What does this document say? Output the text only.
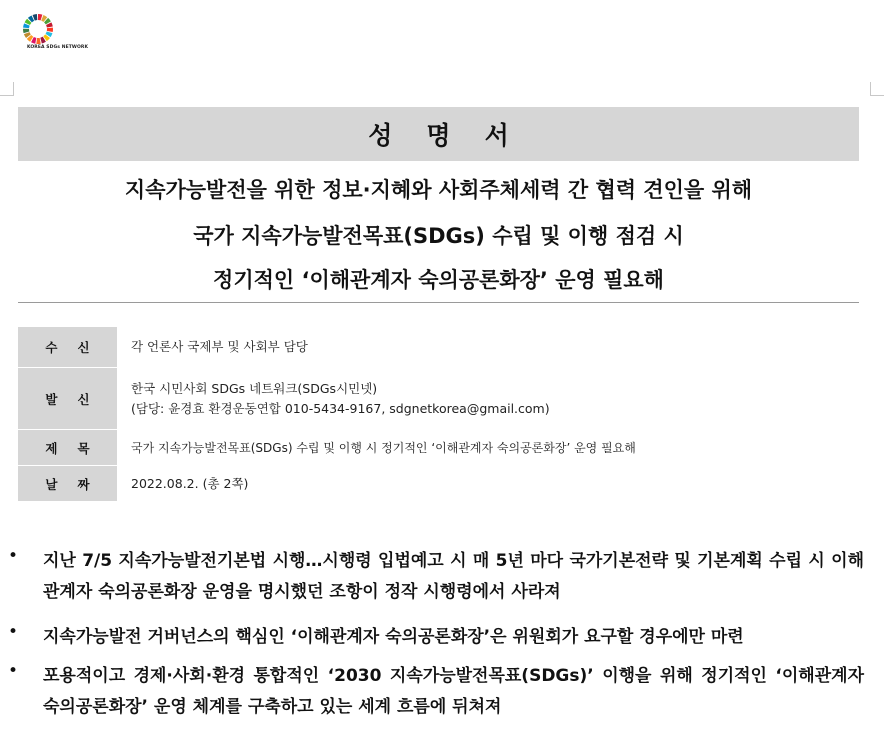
KOREA SDGs NETWORK
성명서
지속가능발전을 위한 정보·지혜와 사회주체세력 간 협력 견인을 위해
국가 지속가능발전목표(SDGs) 수립 및 이행 점검 시
정기적인 ‘이해관계자 숙의공론화장’ 운영 필요해
수신 각 언론사 국제부 및 사회부 담당
발신
한국 시민사회 SDGs 네트워크(SDGs시민넷)
(담당: 윤경효 환경운동연합 010-5434-9167, sdgnetkorea@gmail.com)
제목 국가 지속가능발전목표(SDGs) 수립 및 이행 시 정기적인 ‘이해관계자 숙의공론화장’ 운영 필요해
날짜 2022.08.2. (총 2쪽)
• 지난 7/5 지속가능발전기본법 시행…시행령 입법예고 시 매 5년 마다 국가기본전략 및 기본계획 수립 시 이해관계자 숙의공론화장 운영을 명시했던 조항이 정작 시행령에서 사라져
• 지속가능발전 거버넌스의 핵심인 ‘이해관계자 숙의공론화장’은 위원회가 요구할 경우에만 마련
• 포용적이고 경제·사회·환경 통합적인 ‘2030 지속가능발전목표(SDGs)’ 이행을 위해 정기적인 ‘이해관계자 숙의공론화장’ 운영 체계를 구축하고 있는 세계 흐름에 뒤쳐져
